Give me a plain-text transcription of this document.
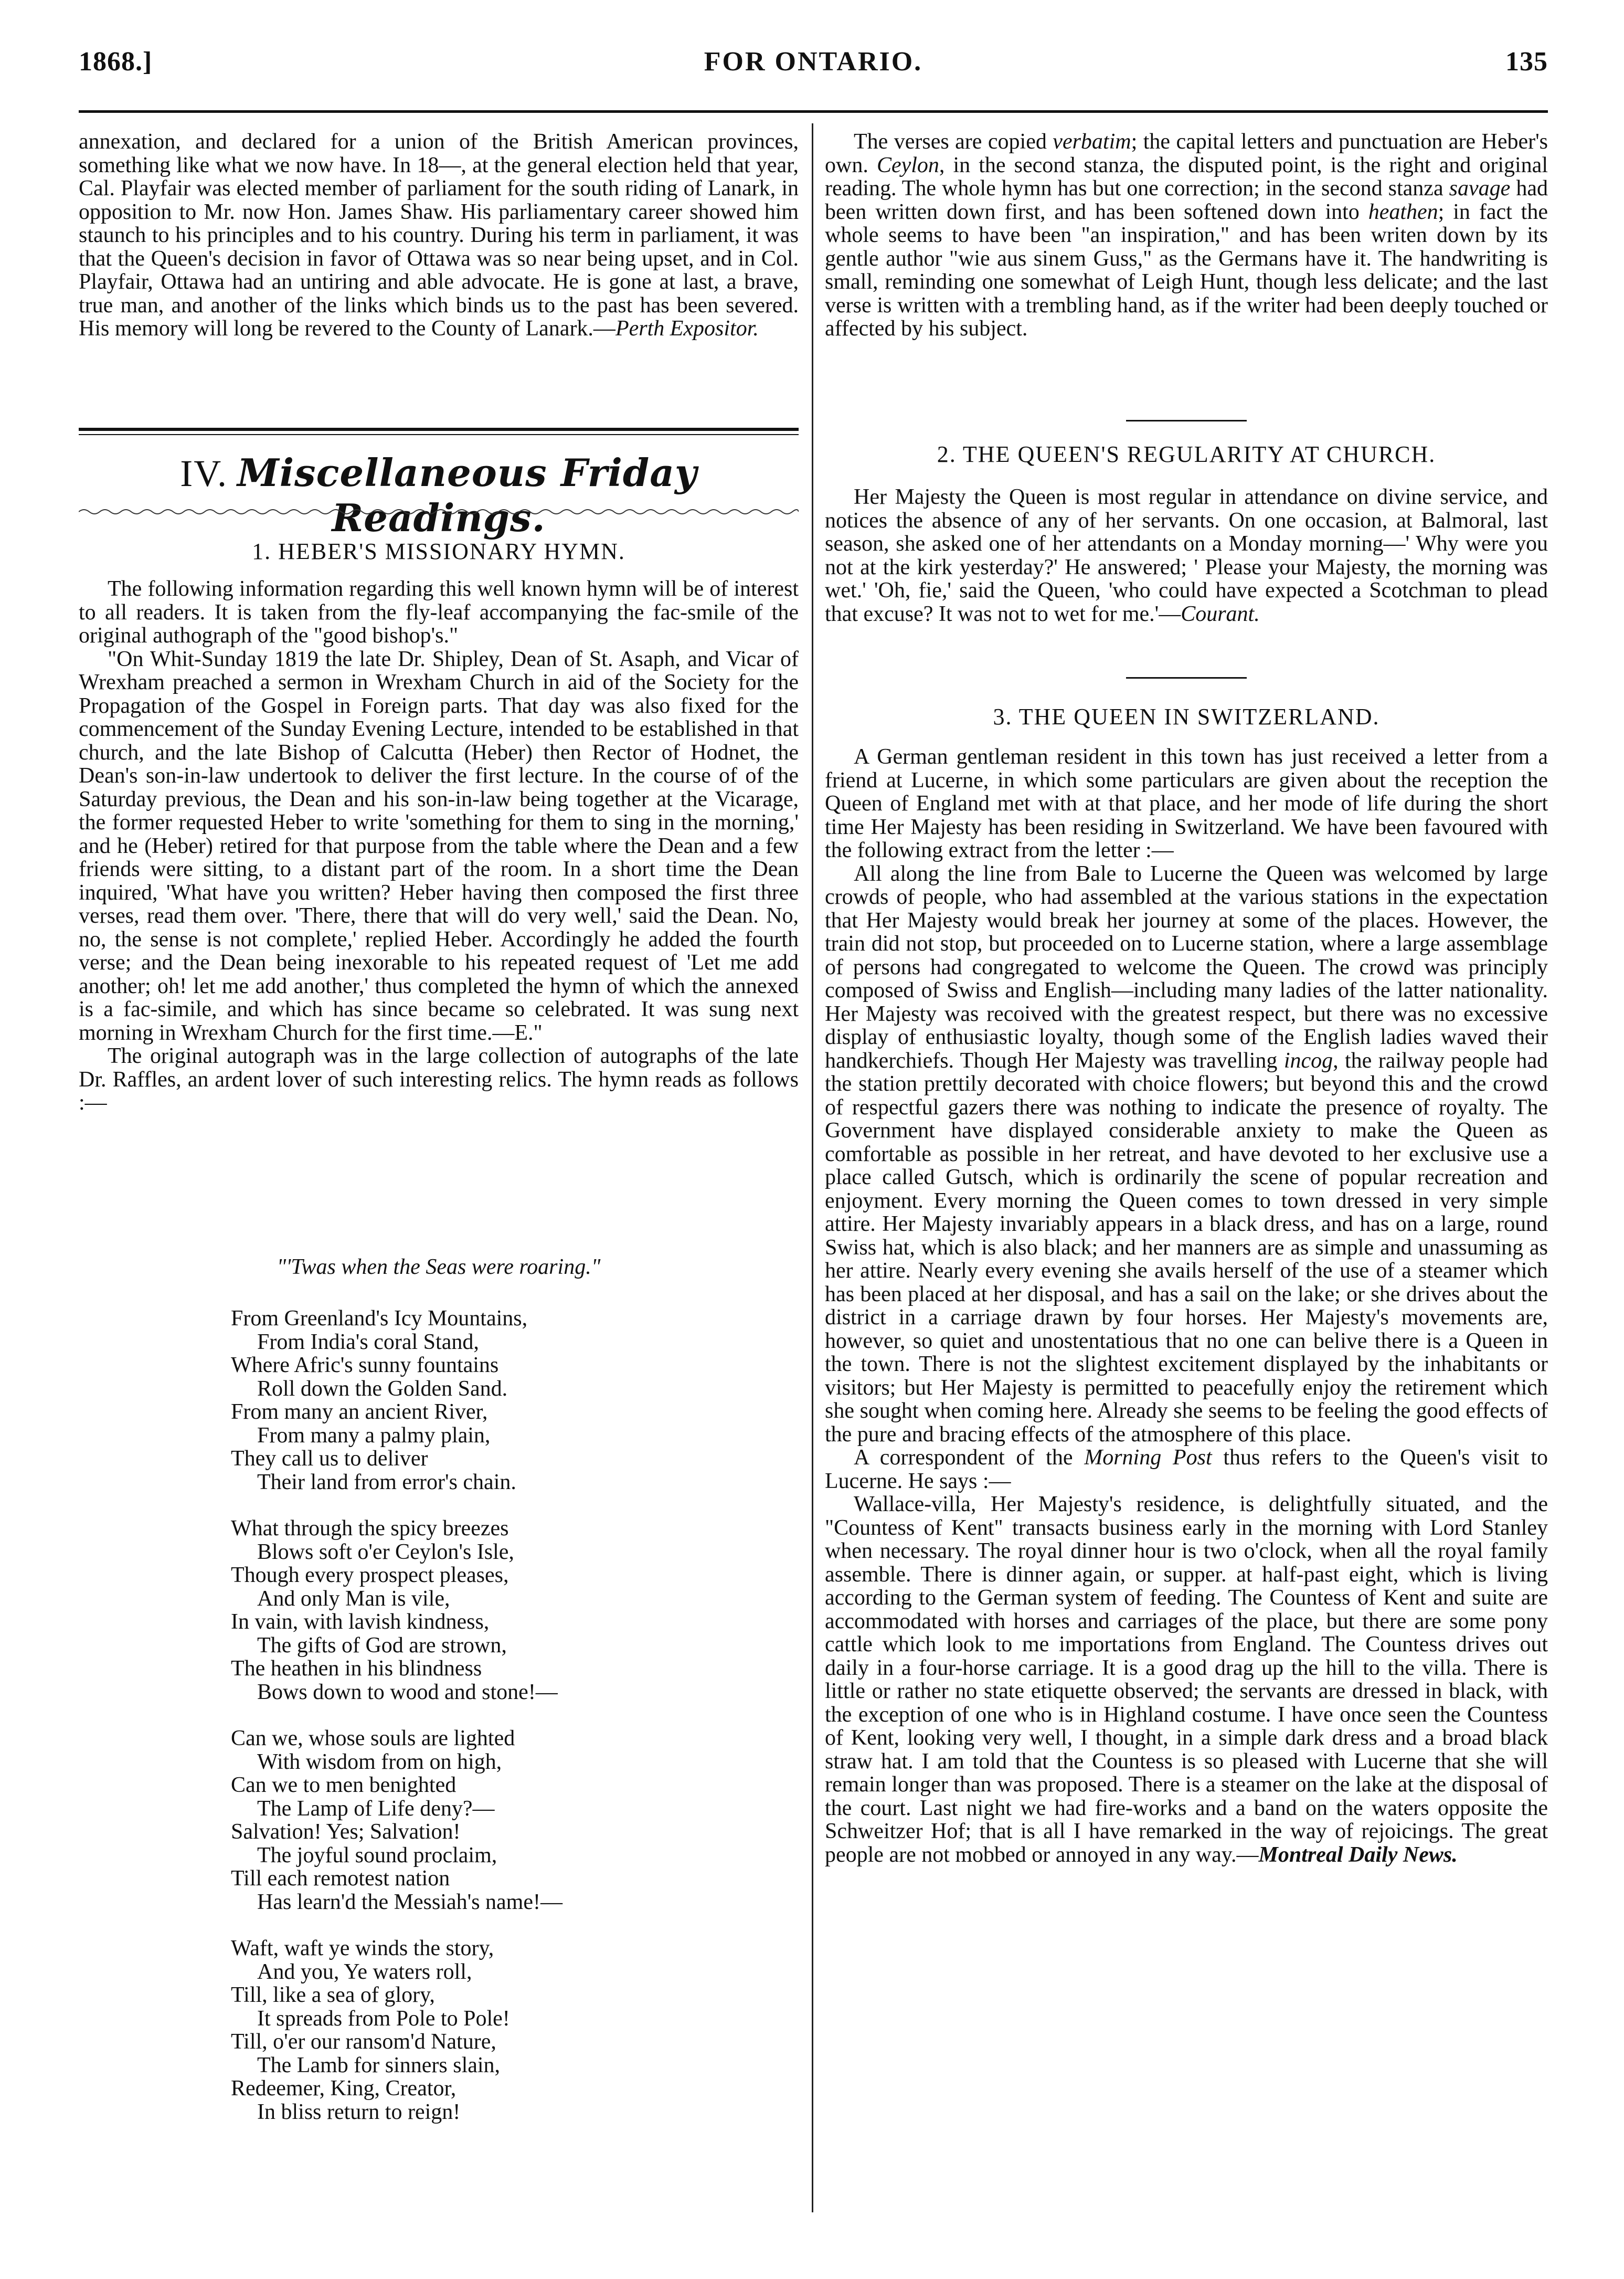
1868.]	FOR ONTARIO.	135

annexation, and declared for a union of the British American provinces, something like what we now have. In 18—, at the general election held that year, Cal. Playfair was elected member of parliament for the south riding of Lanark, in opposition to Mr. now Hon. James Shaw. His parliamentary career showed him staunch to his principles and to his country. During his term in parliament, it was that the Queen's decision in favor of Ottawa was so near being upset, and in Col. Playfair, Ottawa had an untiring and able advocate. He is gone at last, a brave, true man, and another of the links which binds us to the past has been severed. His memory will long be revered to the County of Lanark.—Perth Expositor.

IV. Miscellaneous Friday Readings.
1. HEBER'S MISSIONARY HYMN.

The following information regarding this well known hymn will be of interest to all readers. It is taken from the fly-leaf accompanying the fac-smile of the original authograph of the "good bishop's."

"On Whit-Sunday 1819 the late Dr. Shipley, Dean of St. Asaph, and Vicar of Wrexham preached a sermon in Wrexham Church in aid of the Society for the Propagation of the Gospel in Foreign parts. That day was also fixed for the commencement of the Sunday Evening Lecture, intended to be established in that church, and the late Bishop of Calcutta (Heber) then Rector of Hodnet, the Dean's son-in-law undertook to deliver the first lecture. In the course of of the Saturday previous, the Dean and his son-in-law being together at the Vicarage, the former requested Heber to write 'something for them to sing in the morning,' and he (Heber) retired for that purpose from the table where the Dean and a few friends were sitting, to a distant part of the room. In a short time the Dean inquired, 'What have you written? Heber having then composed the first three verses, read them over. 'There, there that will do very well,' said the Dean. No, no, the sense is not complete,' replied Heber. Accordingly he added the fourth verse; and the Dean being inexorable to his repeated request of 'Let me add another; oh! let me add another,' thus completed the hymn of which the annexed is a fac-simile, and which has since became so celebrated. It was sung next morning in Wrexham Church for the first time.—E."

The original autograph was in the large collection of autographs of the late Dr. Raffles, an ardent lover of such interesting relics. The hymn reads as follows :—

"'Twas when the Seas were roaring."
From Greenland's Icy Mountains,
From India's coral Stand,
Where Afric's sunny fountains
Roll down the Golden Sand.
From many an ancient River,
From many a palmy plain,
They call us to deliver
Their land from error's chain.
What through the spicy breezes
Blows soft o'er Ceylon's Isle,
Though every prospect pleases,
And only Man is vile,
In vain, with lavish kindness,
The gifts of God are strown,
The heathen in his blindness
Bows down to wood and stone!—
Can we, whose souls are lighted
With wisdom from on high,
Can we to men benighted
The Lamp of Life deny?—
Salvation! Yes; Salvation!
The joyful sound proclaim,
Till each remotest nation
Has learn'd the Messiah's name!—
Waft, waft ye winds the story,
And you, Ye waters roll,
Till, like a sea of glory,
It spreads from Pole to Pole!
Till, o'er our ransom'd Nature,
The Lamb for sinners slain,
Redeemer, King, Creator,
In bliss return to reign!

The verses are copied verbatim; the capital letters and punctuation are Heber's own. Ceylon, in the second stanza, the disputed point, is the right and original reading. The whole hymn has but one correction; in the second stanza savage had been written down first, and has been softened down into heathen; in fact the whole seems to have been "an inspiration," and has been writen down by its gentle author "wie aus sinem Guss," as the Germans have it. The handwriting is small, reminding one somewhat of Leigh Hunt, though less delicate; and the last verse is written with a trembling hand, as if the writer had been deeply touched or affected by his subject.

2. THE QUEEN'S REGULARITY AT CHURCH.

Her Majesty the Queen is most regular in attendance on divine service, and notices the absence of any of her servants. On one occasion, at Balmoral, last season, she asked one of her attendants on a Monday morning—' Why were you not at the kirk yesterday?' He answered; ' Please your Majesty, the morning was wet.' 'Oh, fie,' said the Queen, 'who could have expected a Scotchman to plead that excuse? It was not to wet for me.'—Courant.

3. THE QUEEN IN SWITZERLAND.

A German gentleman resident in this town has just received a letter from a friend at Lucerne, in which some particulars are given about the reception the Queen of England met with at that place, and her mode of life during the short time Her Majesty has been residing in Switzerland. We have been favoured with the following extract from the letter :—

All along the line from Bale to Lucerne the Queen was welcomed by large crowds of people, who had assembled at the various stations in the expectation that Her Majesty would break her journey at some of the places. However, the train did not stop, but proceeded on to Lucerne station, where a large assemblage of persons had congregated to welcome the Queen. The crowd was principly composed of Swiss and English—including many ladies of the latter nationality. Her Majesty was recoived with the greatest respect, but there was no excessive display of enthusiastic loyalty, though some of the English ladies waved their handkerchiefs. Though Her Majesty was travelling incog, the railway people had the station prettily decorated with choice flowers; but beyond this and the crowd of respectful gazers there was nothing to indicate the presence of royalty. The Government have displayed considerable anxiety to make the Queen as comfortable as possible in her retreat, and have devoted to her exclusive use a place called Gutsch, which is ordinarily the scene of popular recreation and enjoyment. Every morning the Queen comes to town dressed in very simple attire. Her Majesty invariably appears in a black dress, and has on a large, round Swiss hat, which is also black; and her manners are as simple and unassuming as her attire. Nearly every evening she avails herself of the use of a steamer which has been placed at her disposal, and has a sail on the lake; or she drives about the district in a carriage drawn by four horses. Her Majesty's movements are, however, so quiet and unostentatious that no one can belive there is a Queen in the town. There is not the slightest excitement displayed by the inhabitants or visitors; but Her Majesty is permitted to peacefully enjoy the retirement which she sought when coming here. Already she seems to be feeling the good effects of the pure and bracing effects of the atmosphere of this place.

A correspondent of the Morning Post thus refers to the Queen's visit to Lucerne. He says :—

Wallace-villa, Her Majesty's residence, is delightfully situated, and the "Countess of Kent" transacts business early in the morning with Lord Stanley when necessary. The royal dinner hour is two o'clock, when all the royal family assemble. There is dinner again, or supper. at half-past eight, which is living according to the German system of feeding. The Countess of Kent and suite are accommodated with horses and carriages of the place, but there are some pony cattle which look to me importations from England. The Countess drives out daily in a four-horse carriage. It is a good drag up the hill to the villa. There is little or rather no state etiquette observed; the servants are dressed in black, with the exception of one who is in Highland costume. I have once seen the Countess of Kent, looking very well, I thought, in a simple dark dress and a broad black straw hat. I am told that the Countess is so pleased with Lucerne that she will remain longer than was proposed. There is a steamer on the lake at the disposal of the court. Last night we had fire-works and a band on the waters opposite the Schweitzer Hof; that is all I have remarked in the way of rejoicings. The great people are not mobbed or annoyed in any way.—Montreal Daily News.
